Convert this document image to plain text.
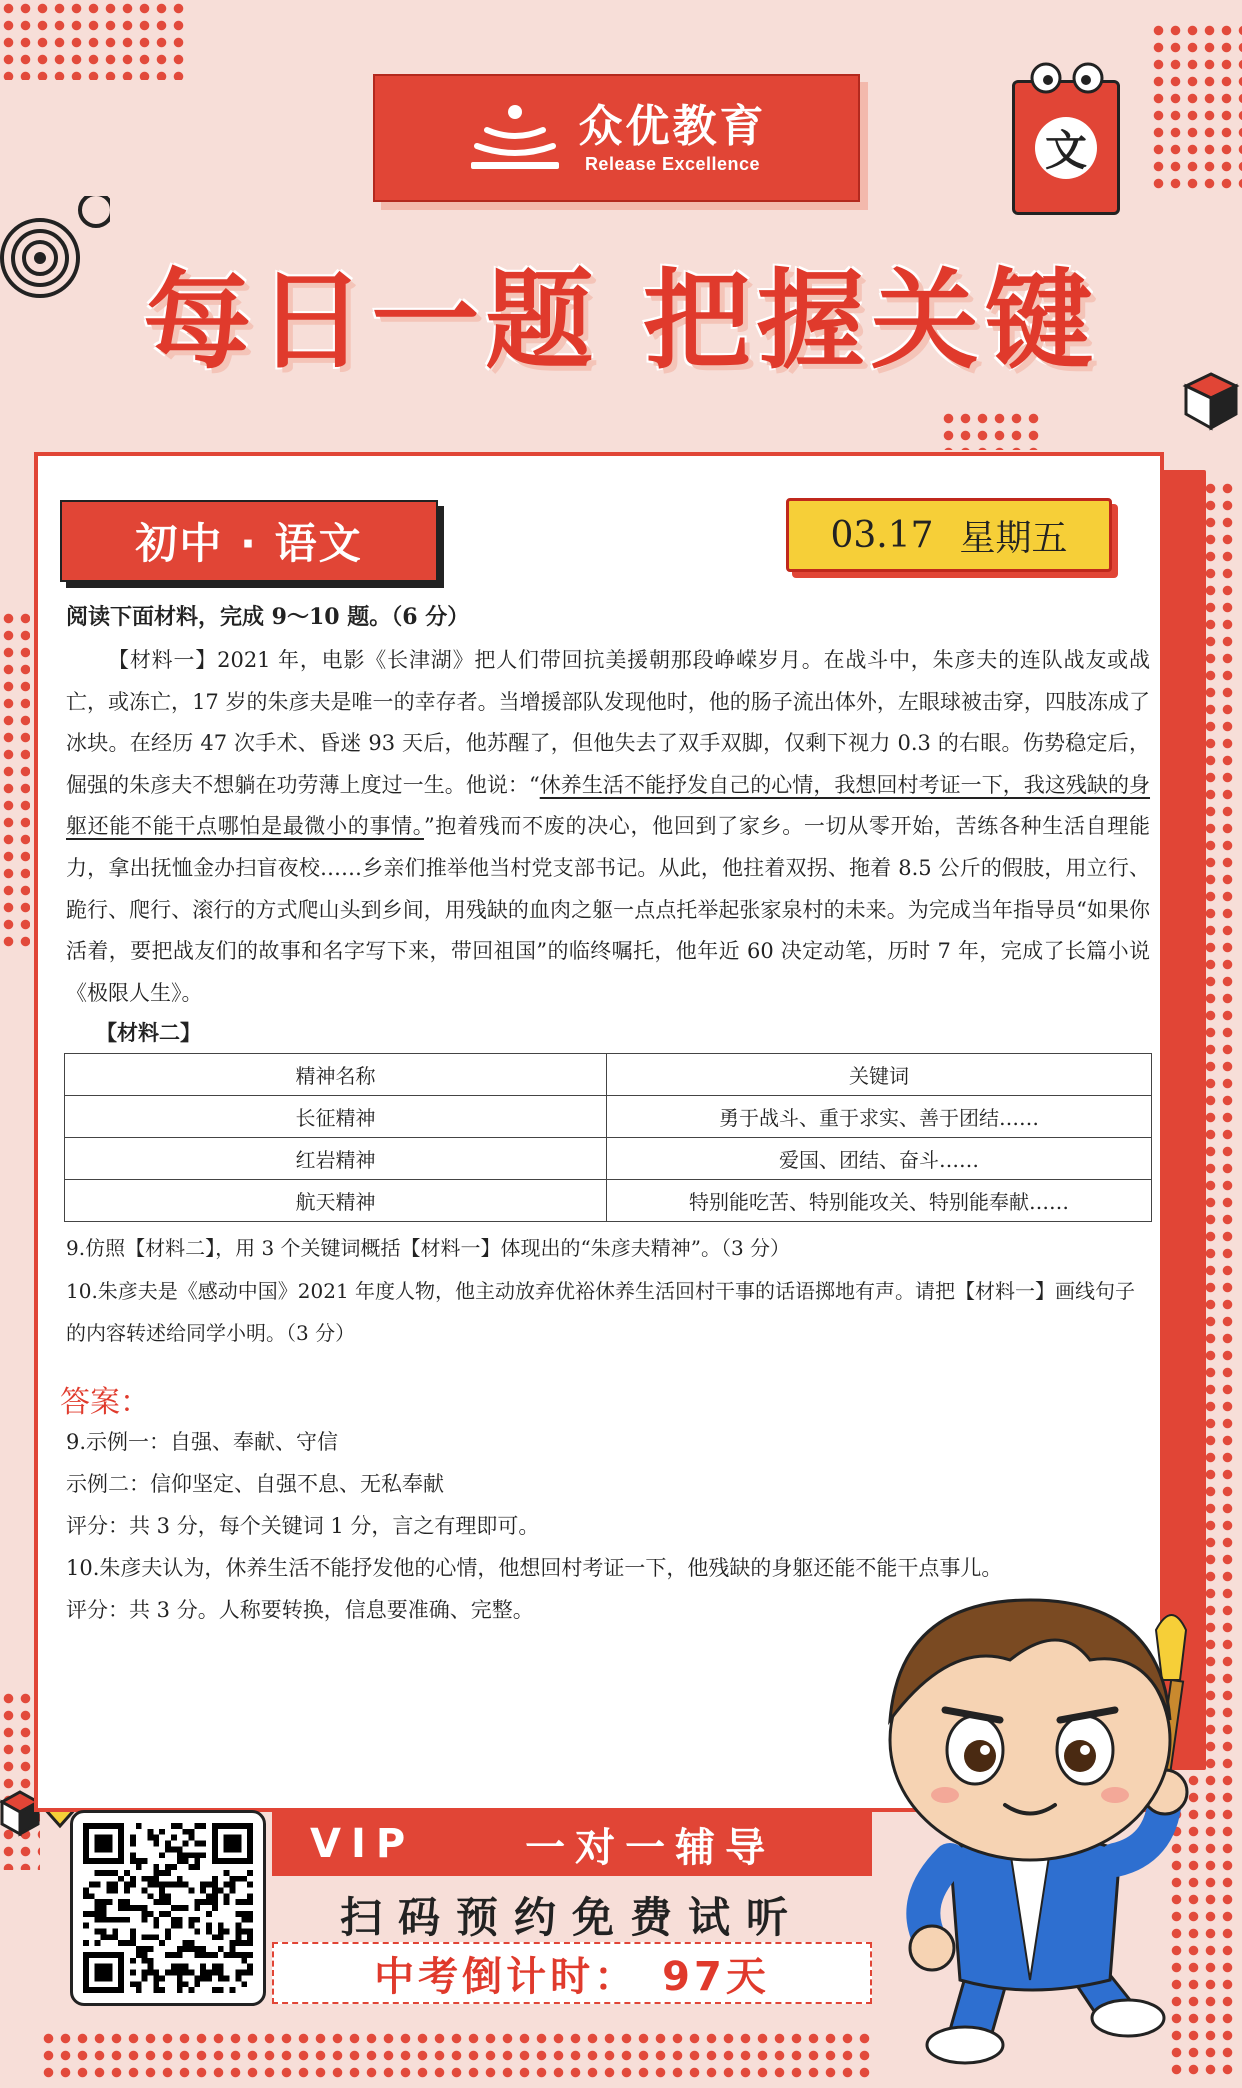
众优教育
Release Excellence	文
每日一题 把握关键
初中 · 语文	03.17 星期五
阅读下面材料，完成 9～10 题。（6 分）
【材料一】2021 年，电影《长津湖》把人们带回抗美援朝那段峥嵘岁月。在战斗中，朱彦夫的连队战友或战亡，或冻亡，17 岁的朱彦夫是唯一的幸存者。当增援部队发现他时，他的肠子流出体外，左眼球被击穿，四肢冻成了冰块。在经历 47 次手术、昏迷 93 天后，他苏醒了，但他失去了双手双脚，仅剩下视力 0.3 的右眼。伤势稳定后，倔强的朱彦夫不想躺在功劳薄上度过一生。他说：“休养生活不能抒发自己的心情，我想回村考证一下，我这残缺的身躯还能不能干点哪怕是最微小的事情。”抱着残而不废的决心，他回到了家乡。一切从零开始，苦练各种生活自理能力，拿出抚恤金办扫盲夜校……乡亲们推举他当村党支部书记。从此，他拄着双拐、拖着 8.5 公斤的假肢，用立行、跪行、爬行、滚行的方式爬山头到乡间，用残缺的血肉之躯一点点托举起张家泉村的未来。为完成当年指导员“如果你活着，要把战友们的故事和名字写下来，带回祖国”的临终嘱托，他年近 60 决定动笔，历时 7 年，完成了长篇小说《极限人生》。
【材料二】
精神名称	关键词
长征精神	勇于战斗、重于求实、善于团结……
红岩精神	爱国、团结、奋斗……
航天精神	特别能吃苦、特别能攻关、特别能奉献……
9.仿照【材料二】，用 3 个关键词概括【材料一】体现出的“朱彦夫精神”。（3 分）
10.朱彦夫是《感动中国》2021 年度人物，他主动放弃优裕休养生活回村干事的话语掷地有声。请把【材料一】画线句子的内容转述给同学小明。（3 分）
答案：
9.示例一：自强、奉献、守信
示例二：信仰坚定、自强不息、无私奉献
评分：共 3 分，每个关键词 1 分，言之有理即可。
10.朱彦夫认为，休养生活不能抒发他的心情，他想回村考证一下，他残缺的身躯还能不能干点事儿。
评分：共 3 分。人称要转换，信息要准确、完整。
VIP	一对一辅导
扫码预约免费试听
中考倒计时： 97天
